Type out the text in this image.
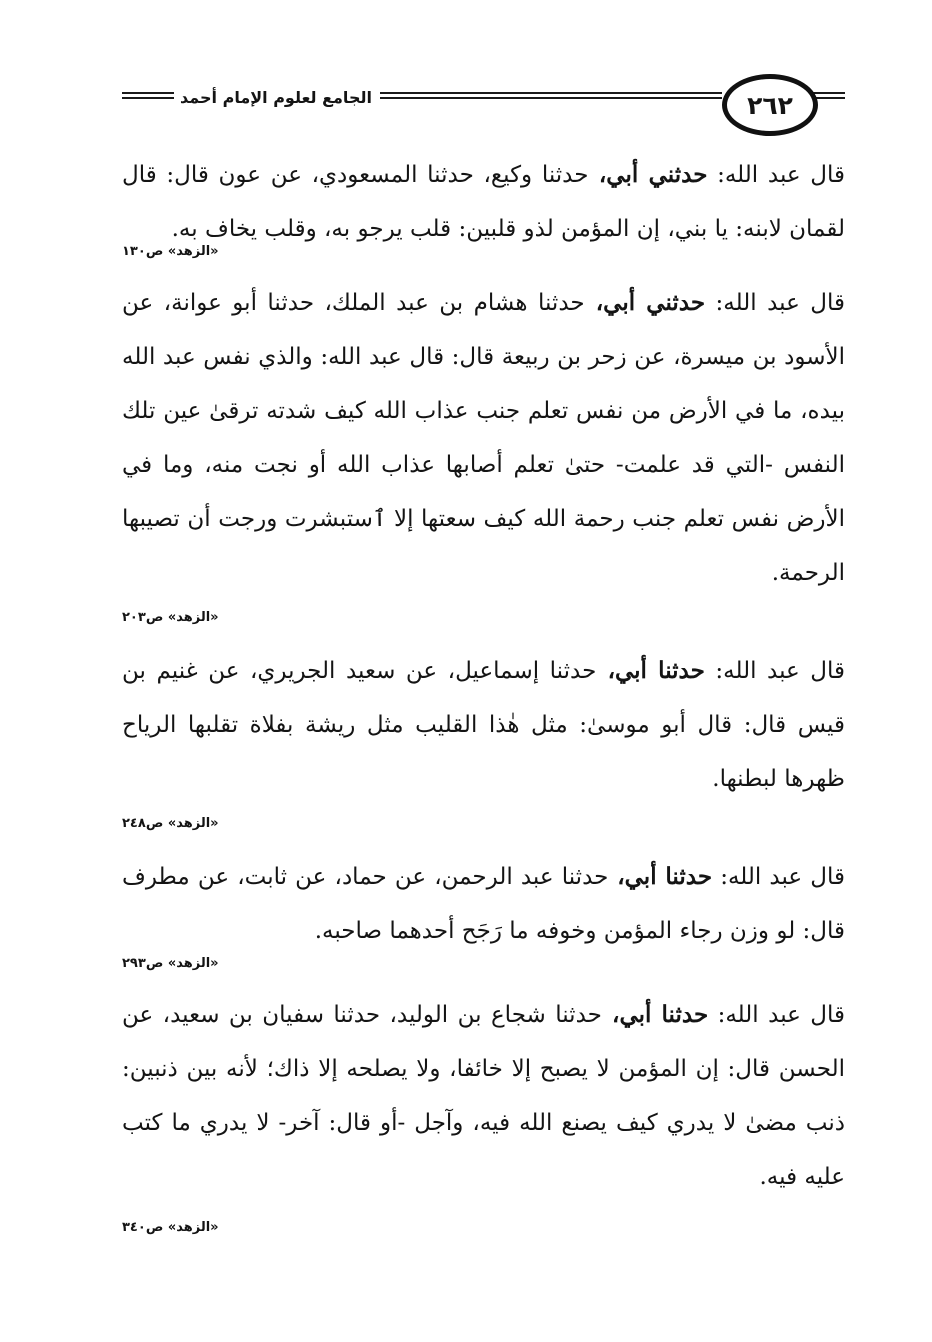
٢٦٢
الجامع لعلوم الإمام أحمد

قال عبد الله: حدثني أبي، حدثنا وكيع، حدثنا المسعودي، عن عون قال: قال لقمان لابنه: يا بني، إن المؤمن لذو قلبين: قلب يرجو به، وقلب يخاف به.

«الزهد» ص١٣٠

قال عبد الله: حدثني أبي، حدثنا هشام بن عبد الملك، حدثنا أبو عوانة، عن الأسود بن ميسرة، عن زحر بن ربيعة قال: قال عبد الله: والذي نفس عبد الله بيده، ما في الأرض من نفس تعلم جنب عذاب الله كيف شدته ترقىٰ عين تلك النفس -التي قد علمت- حتىٰ تعلم أصابها عذاب الله أو نجت منه، وما في الأرض نفس تعلم جنب رحمة الله كيف سعتها إلا ٱستبشرت ورجت أن تصيبها الرحمة.

«الزهد» ص٢٠٣

قال عبد الله: حدثنا أبي، حدثنا إسماعيل، عن سعيد الجريري، عن غنيم بن قيس قال: قال أبو موسىٰ: مثل هٰذا القليب مثل ريشة بفلاة تقلبها الرياح ظهرها لبطنها.

«الزهد» ص٢٤٨

قال عبد الله: حدثنا أبي، حدثنا عبد الرحمن، عن حماد، عن ثابت، عن مطرف قال: لو وزن رجاء المؤمن وخوفه ما رَجَح أحدهما صاحبه.

«الزهد» ص٢٩٣

قال عبد الله: حدثنا أبي، حدثنا شجاع بن الوليد، حدثنا سفيان بن سعيد، عن الحسن قال: إن المؤمن لا يصبح إلا خائفا، ولا يصلحه إلا ذاك؛ لأنه بين ذنبين: ذنب مضىٰ لا يدري كيف يصنع الله فيه، وآجل -أو قال: آخر- لا يدري ما كتب عليه فيه.

«الزهد» ص٣٤٠
